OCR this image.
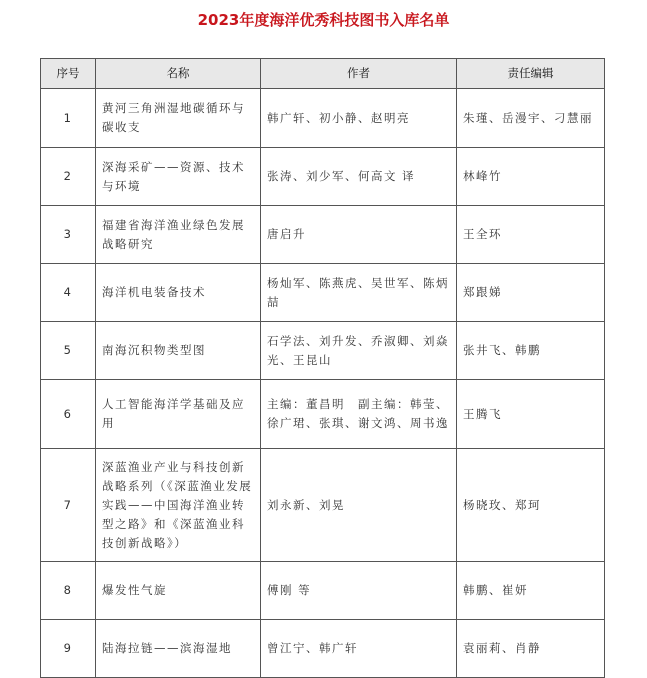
2023年度海洋优秀科技图书入库名单
序号	名称	作者	责任编辑
1	黄河三角洲湿地碳循环与碳收支	韩广轩、初小静、赵明亮	朱瑾、岳漫宇、刁慧丽
2	深海采矿——资源、技术与环境	张涛、刘少军、何高文 译	林峰竹
3	福建省海洋渔业绿色发展战略研究	唐启升	王全环
4	海洋机电装备技术	杨灿军、陈燕虎、吴世军、陈炳喆	郑跟娣
5	南海沉积物类型图	石学法、刘升发、乔淑卿、刘焱光、王昆山	张井飞、韩鹏
6	人工智能海洋学基础及应用	主编：董昌明　副主编：韩莹、徐广珺、张琪、谢文鸿、周书逸	王腾飞
7	深蓝渔业产业与科技创新战略系列（《深蓝渔业发展实践——中国海洋渔业转型之路》和《深蓝渔业科技创新战略》）	刘永新、刘晃	杨晓玫、郑珂
8	爆发性气旋	傅刚 等	韩鹏、崔妍
9	陆海拉链——滨海湿地	曾江宁、韩广轩	袁丽莉、肖静
